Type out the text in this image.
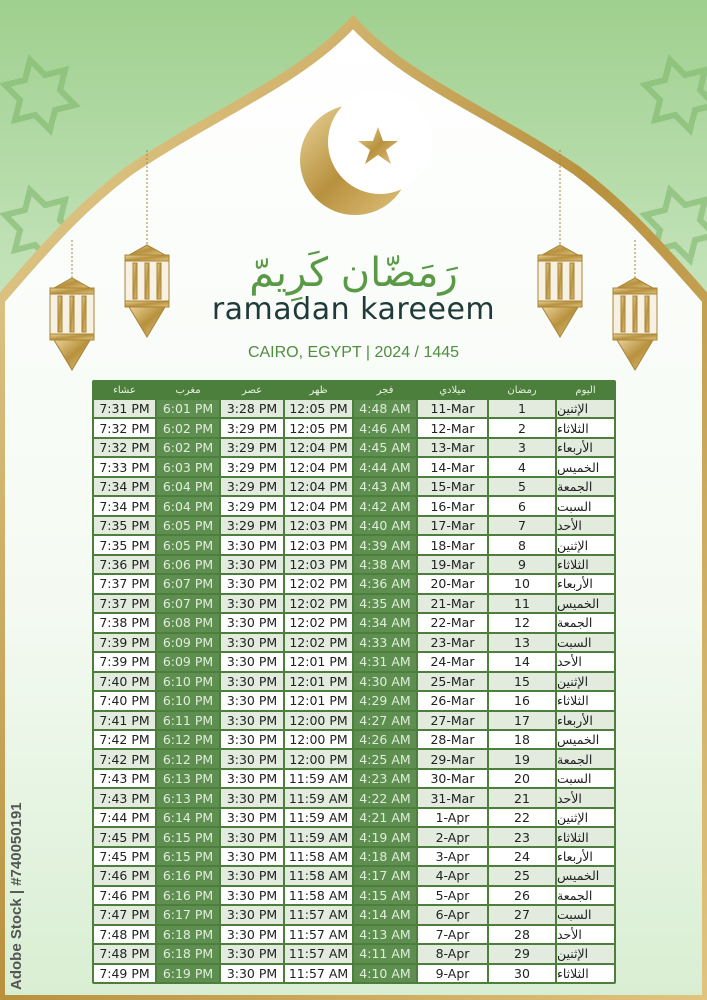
رَمَضّان كَرِيمّ
ramadan kareeem
CAIRO, EGYPT | 2024 / 1445
Adobe Stock | #740050191
عشاء	مغرب	عصر	ظهر	فجر	ميلادي	رمضان	اليوم
7:31 PM	6:01 PM	3:28 PM 12:05 PM 4:48 AM	11-Mar	1	الإثنين
7:32 PM	6:02 PM	3:29 PM 12:05 PM 4:46 AM	12-Mar	2	الثلاثاء
7:32 PM	6:02 PM	3:29 PM 12:04 PM 4:45 AM	13-Mar	3	الأربعاء
7:33 PM	6:03 PM	3:29 PM 12:04 PM 4:44 AM	14-Mar	4	الخميس
7:34 PM	6:04 PM	3:29 PM 12:04 PM 4:43 AM	15-Mar	5	الجمعة
7:34 PM	6:04 PM	3:29 PM 12:04 PM 4:42 AM	16-Mar	6	السبت
7:35 PM	6:05 PM	3:29 PM 12:03 PM 4:40 AM	17-Mar	7	الأحد
7:35 PM	6:05 PM	3:30 PM 12:03 PM 4:39 AM	18-Mar	8	الإثنين
7:36 PM	6:06 PM	3:30 PM 12:03 PM 4:38 AM	19-Mar	9	الثلاثاء
7:37 PM	6:07 PM	3:30 PM 12:02 PM 4:36 AM	20-Mar	10	الأربعاء
7:37 PM	6:07 PM	3:30 PM 12:02 PM 4:35 AM	21-Mar	11	الخميس
7:38 PM	6:08 PM	3:30 PM 12:02 PM 4:34 AM	22-Mar	12	الجمعة
7:39 PM	6:09 PM	3:30 PM 12:02 PM 4:33 AM	23-Mar	13	السبت
7:39 PM	6:09 PM	3:30 PM 12:01 PM 4:31 AM	24-Mar	14	الأحد
7:40 PM	6:10 PM	3:30 PM 12:01 PM 4:30 AM	25-Mar	15	الإثنين
7:40 PM	6:10 PM	3:30 PM 12:01 PM 4:29 AM	26-Mar	16	الثلاثاء
7:41 PM	6:11 PM	3:30 PM 12:00 PM 4:27 AM	27-Mar	17	الأربعاء
7:42 PM	6:12 PM	3:30 PM 12:00 PM 4:26 AM	28-Mar	18	الخميس
7:42 PM	6:12 PM	3:30 PM 12:00 PM 4:25 AM	29-Mar	19	الجمعة
7:43 PM	6:13 PM	3:30 PM 11:59 AM 4:23 AM	30-Mar	20	السبت
7:43 PM	6:13 PM	3:30 PM 11:59 AM 4:22 AM	31-Mar	21	الأحد
7:44 PM	6:14 PM	3:30 PM 11:59 AM 4:21 AM	1-Apr	22	الإثنين
7:45 PM	6:15 PM	3:30 PM 11:59 AM 4:19 AM	2-Apr	23	الثلاثاء
7:45 PM	6:15 PM	3:30 PM 11:58 AM 4:18 AM	3-Apr	24	الأربعاء
7:46 PM	6:16 PM	3:30 PM 11:58 AM 4:17 AM	4-Apr	25	الخميس
7:46 PM	6:16 PM	3:30 PM 11:58 AM 4:15 AM	5-Apr	26	الجمعة
7:47 PM	6:17 PM	3:30 PM 11:57 AM 4:14 AM	6-Apr	27	السبت
7:48 PM	6:18 PM	3:30 PM 11:57 AM 4:13 AM	7-Apr	28	الأحد
7:48 PM	6:18 PM	3:30 PM 11:57 AM 4:11 AM	8-Apr	29	الإثنين
7:49 PM	6:19 PM	3:30 PM 11:57 AM 4:10 AM	9-Apr	30	الثلاثاء
